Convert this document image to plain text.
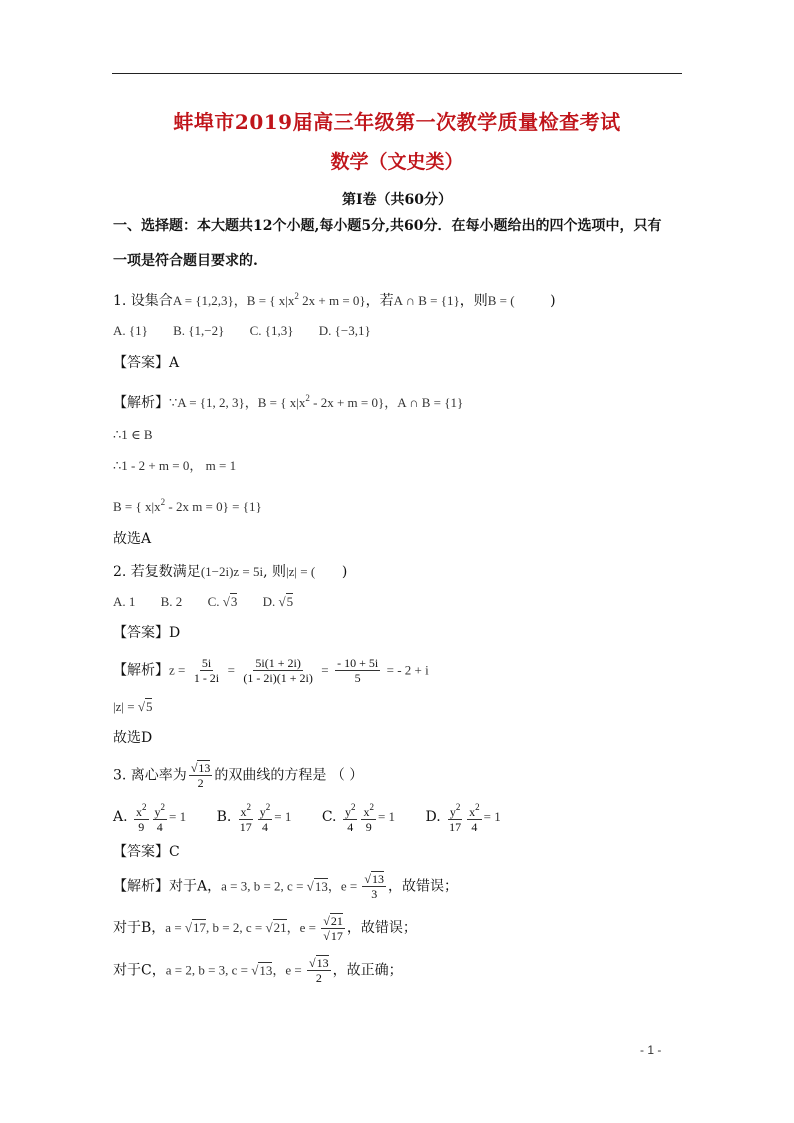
蚌埠市2019届高三年级第一次教学质量检查考试
数学（文史类）
第Ⅰ卷（共60分）
一、选择题：本大题共12个小题,每小题5分,共60分．在每小题给出的四个选项中，只有
一项是符合题目要求的.
1. 设集合A = {1,2,3}，B = { $x|x^2$ 2x + m = 0}，若A ∩ B = {1}，则B = (        )
A. {1} B. {1,−2} C. {1,3} D. {−3,1}
【答案】A
【解析】∵A = {1, 2, 3}，B = { $x|x^2 - 2x + m = 0$}，A ∩ B = {1}
∴1 ∈ B
∴1 - 2 + m = 0， m = 1
B = { $x|x^2 - 2x$ m = 0} = {1}
故选A
2. 若复数满足(1−2i)z = 5i, 则|z| = (      )
A. 1 B. 2 C. √3 D. √5
【答案】D
【解析】$z = \frac{5i}{1 - 2i} = \frac{5i(1 + 2i)}{(1 - 2i)(1 + 2i)} = \frac{- 10 + 5i}{5}$ = - 2 + i
|z| = √5
故选D
3. 离心率为 $\frac{√13}{2}$ 的双曲线的方程是 （ ）
A. $\frac{x^2}{9} \frac{y^2}{4} = 1$ B. $\frac{x^2}{17} \frac{y^2}{4} = 1$ C. $\frac{y^2}{4} \frac{x^2}{9} = 1$ D. $\frac{y^2}{17} \frac{x^2}{4} = 1$
【答案】C
【解析】对于A，a = 3, b = 2, c = √13，$e = \frac{√13}{3}$ ，故错误；
对于B，a = √17, b = 2, c = √21，$e = \frac{√21}{√17}$ ，故错误；
对于C，a = 2, b = 3, c = √13，$e = \frac{√13}{2}$ ，故正确；
- 1 -
